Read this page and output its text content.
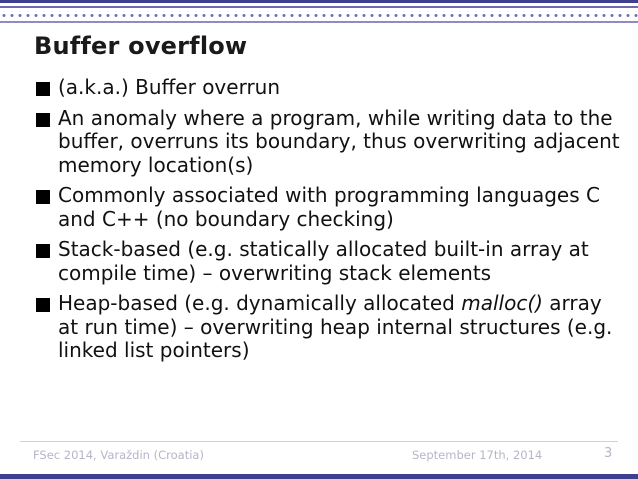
Buffer overflow
(a.k.a.) Buffer overrun
An anomaly where a program, while writing data to the buffer, overruns its boundary, thus overwriting adjacent memory location(s)
Commonly associated with programming languages C and C++ (no boundary checking)
Stack-based (e.g. statically allocated built-in array at compile time) – overwriting stack elements
Heap-based (e.g. dynamically allocated malloc() array at run time) – overwriting heap internal structures (e.g. linked list pointers)
FSec 2014, Varaždin (Croatia)	September 17th, 2014	3
